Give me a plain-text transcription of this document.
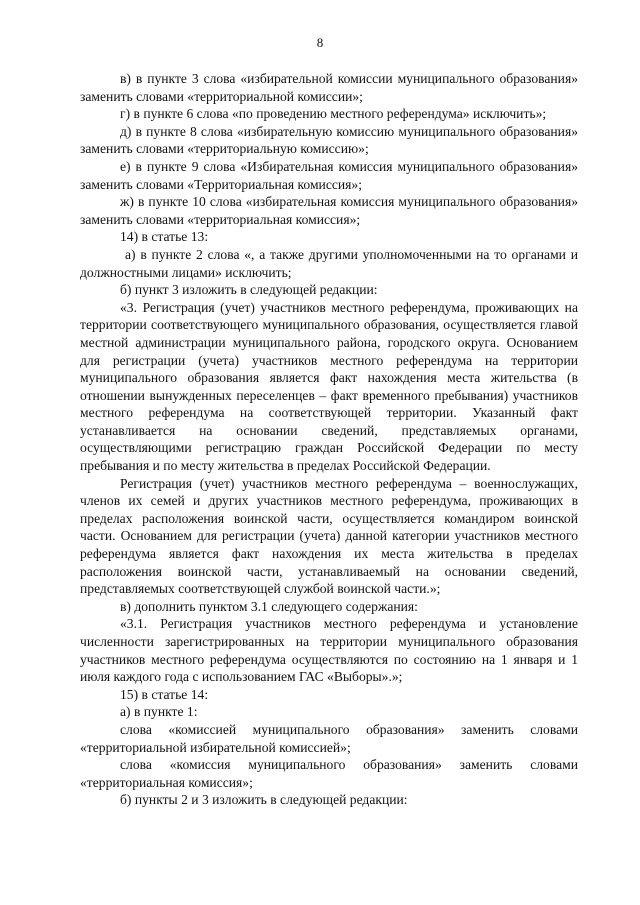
8

в) в пункте 3 слова «избирательной комиссии муниципального образования» заменить словами «территориальной комиссии»;

г) в пункте 6 слова «по проведению местного референдума» исключить»;

д) в пункте 8 слова «избирательную комиссию муниципального образования» заменить словами «территориальную комиссию»;

е) в пункте 9 слова «Избирательная комиссия муниципального образования» заменить словами «Территориальная комиссия»;

ж) в пункте 10 слова «избирательная комиссия муниципального образования» заменить словами «территориальная комиссия»;

14) в статье 13:

а) в пункте 2 слова «, а также другими уполномоченными на то органами и должностными лицами» исключить;

б) пункт 3 изложить в следующей редакции:

«3. Регистрация (учет) участников местного референдума, проживающих на территории соответствующего муниципального образования, осуществляется главой местной администрации муниципального района, городского округа. Основанием для регистрации (учета) участников местного референдума на территории муниципального образования является факт нахождения места жительства (в отношении вынужденных переселенцев – факт временного пребывания) участников местного референдума на соответствующей территории. Указанный факт устанавливается на основании сведений, представляемых органами, осуществляющими регистрацию граждан Российской Федерации по месту пребывания и по месту жительства в пределах Российской Федерации.

Регистрация (учет) участников местного референдума – военнослужащих, членов их семей и других участников местного референдума, проживающих в пределах расположения воинской части, осуществляется командиром воинской части. Основанием для регистрации (учета) данной категории участников местного референдума является факт нахождения их места жительства в пределах расположения воинской части, устанавливаемый на основании сведений, представляемых соответствующей службой воинской части.»;

в) дополнить пунктом 3.1 следующего содержания:

«3.1. Регистрация участников местного референдума и установление численности зарегистрированных на территории муниципального образования участников местного референдума осуществляются по состоянию на 1 января и 1 июля каждого года с использованием ГАС «Выборы».»;

15) в статье 14:

а) в пункте 1:

слова «комиссией муниципального образования» заменить словами «территориальной избирательной комиссией»;

слова «комиссия муниципального образования» заменить словами «территориальная комиссия»;

б) пункты 2 и 3 изложить в следующей редакции:
